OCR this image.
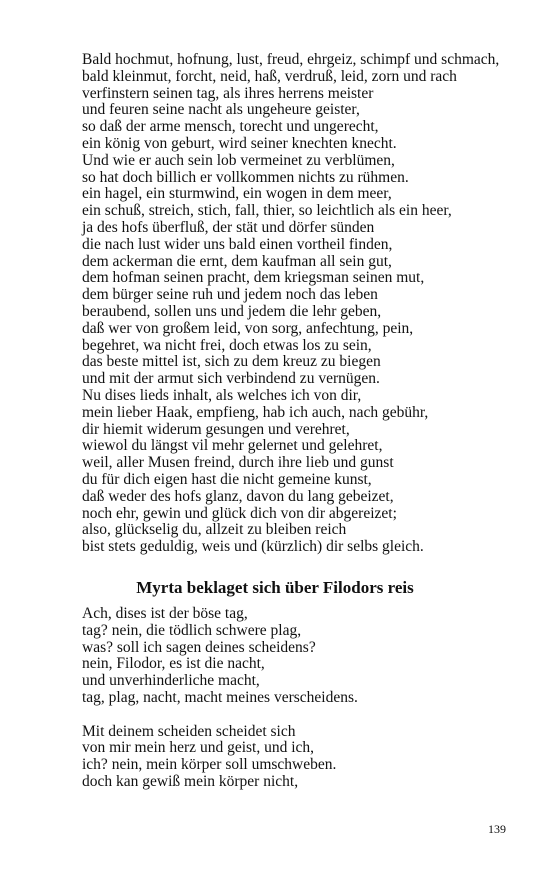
Bald hochmut, hofnung, lust, freud, ehrgeiz, schimpf und schmach,

bald kleinmut, forcht, neid, haß, verdruß, leid, zorn und rach

verfinstern seinen tag, als ihres herrens meister

und feuren seine nacht als ungeheure geister,

so daß der arme mensch, torecht und ungerecht,

ein könig von geburt, wird seiner knechten knecht.

Und wie er auch sein lob vermeinet zu verblümen,

so hat doch billich er vollkommen nichts zu rühmen.

ein hagel, ein sturmwind, ein wogen in dem meer,

ein schuß, streich, stich, fall, thier, so leichtlich als ein heer,

ja des hofs überfluß, der stät und dörfer sünden

die nach lust wider uns bald einen vortheil finden,

dem ackerman die ernt, dem kaufman all sein gut,

dem hofman seinen pracht, dem kriegsman seinen mut,

dem bürger seine ruh und jedem noch das leben

beraubend, sollen uns und jedem die lehr geben,

daß wer von großem leid, von sorg, anfechtung, pein,

begehret, wa nicht frei, doch etwas los zu sein,

das beste mittel ist, sich zu dem kreuz zu biegen

und mit der armut sich verbindend zu vernügen.

Nu dises lieds inhalt, als welches ich von dir,

mein lieber Haak, empfieng, hab ich auch, nach gebühr,

dir hiemit widerum gesungen und verehret,

wiewol du längst vil mehr gelernet und gelehret,

weil, aller Musen freind, durch ihre lieb und gunst

du für dich eigen hast die nicht gemeine kunst,

daß weder des hofs glanz, davon du lang gebeizet,

noch ehr, gewin und glück dich von dir abgereizet;

also, glückselig du, allzeit zu bleiben reich

bist stets geduldig, weis und (kürzlich) dir selbs gleich.

Myrta beklaget sich über Filodors reis

Ach, dises ist der böse tag,

tag? nein, die tödlich schwere plag,

was? soll ich sagen deines scheidens?

nein, Filodor, es ist die nacht,

und unverhinderliche macht,

tag, plag, nacht, macht meines verscheidens.

Mit deinem scheiden scheidet sich

von mir mein herz und geist, und ich,

ich? nein, mein körper soll umschweben.

doch kan gewiß mein körper nicht,

139
